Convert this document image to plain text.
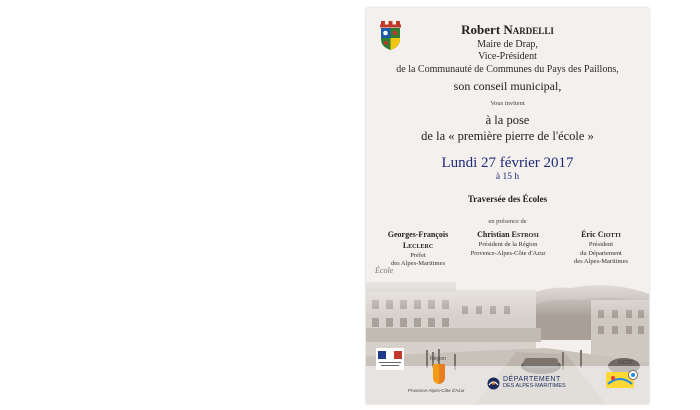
Robert Nardelli
Maire de Drap,
Vice-Président
de la Communauté de Communes du Pays des Paillons,
son conseil municipal,
Vous invitent
à la pose
de la « première pierre de l'école »
Lundi 27 février 2017
à 15 h
Traversée des Écoles
en présence de
Georges-François
Leclerc
Préfet
des Alpes-Maritimes
Christian Estrosi
Président de la Région
Provence-Alpes-Côte d'Azur
Éric Ciotti
Président
du Département
des Alpes-Maritimes
École
Région
Provence-Alpes-Côte d'Azur
DÉPARTEMENT
DES ALPES-MARITIMES
SICTP
